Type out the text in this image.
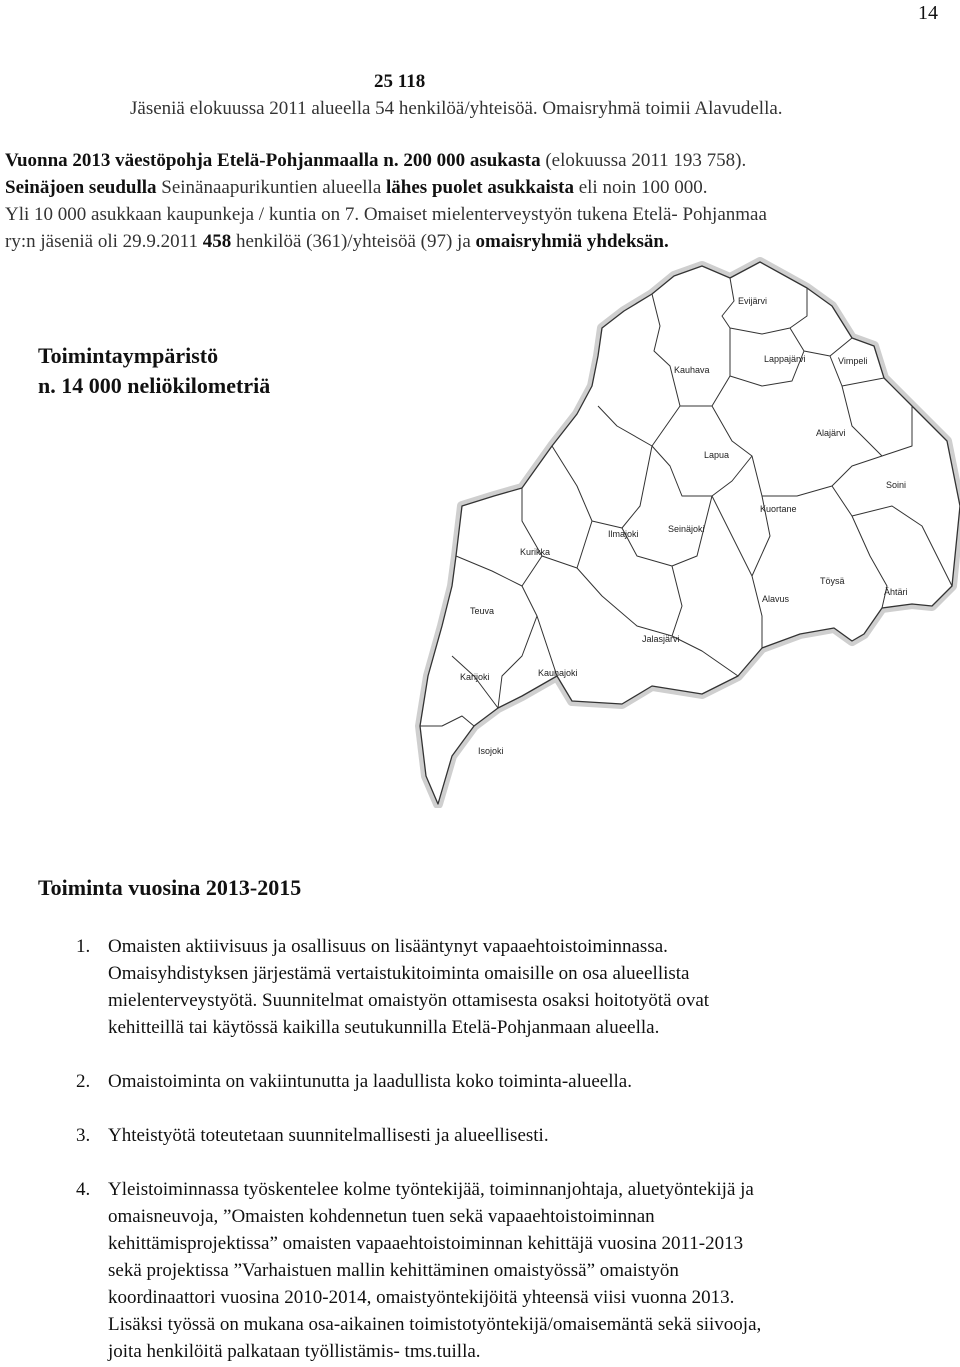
14
25 118
Jäseniä elokuussa 2011 alueella 54 henkilöä/yhteisöä. Omaisryhmä toimii Alavudella.
Vuonna 2013 väestöpohja Etelä-Pohjanmaalla n. 200 000 asukasta (elokuussa 2011 193 758).
Seinäjoen seudulla Seinänaapurikuntien alueella lähes puolet asukkaista eli noin 100 000.
Yli 10 000 asukkaan kaupunkeja / kuntia on 7. Omaiset mielenterveystyön tukena Etelä- Pohjanmaa
ry:n jäseniä oli 29.9.2011 458 henkilöä (361)/yhteisöä (97) ja omaisryhmiä yhdeksän.
Toimintaympäristö
n. 14 000 neliökilometriä
Evijärvi
Kauhava
Lappajärvi	Vimpeli
Alajärvi
Lapua
Soini
Kuortane
Ilmajoki	Seinäjoki
Kurikka
Töysä
Ähtäri
Alavus
Teuva
Jalasjärvi
Kauhajoki
Karijoki
Isojoki
Toiminta vuosina 2013-2015
1. Omaisten aktiivisuus ja osallisuus on lisääntynyt vapaaehtoistoiminnassa.
Omaisyhdistyksen järjestämä vertaistukitoiminta omaisille on osa alueellista
mielenterveystyötä. Suunnitelmat omaistyön ottamisesta osaksi hoitotyötä ovat
kehitteillä tai käytössä kaikilla seutukunnilla Etelä-Pohjanmaan alueella.
2. Omaistoiminta on vakiintunutta ja laadullista koko toiminta-alueella.
3. Yhteistyötä toteutetaan suunnitelmallisesti ja alueellisesti.
4. Yleistoiminnassa työskentelee kolme työntekijää, toiminnanjohtaja, aluetyöntekijä ja
omaisneuvoja, ”Omaisten kohdennetun tuen sekä vapaaehtoistoiminnan
kehittämisprojektissa” omaisten vapaaehtoistoiminnan kehittäjä vuosina 2011-2013
sekä projektissa ”Varhaistuen mallin kehittäminen omaistyössä” omaistyön
koordinaattori vuosina 2010-2014, omaistyöntekijöitä yhteensä viisi vuonna 2013.
Lisäksi työssä on mukana osa-aikainen toimistotyöntekijä/omaisemäntä sekä siivooja,
joita henkilöitä palkataan työllistämis- tms.tuilla.
